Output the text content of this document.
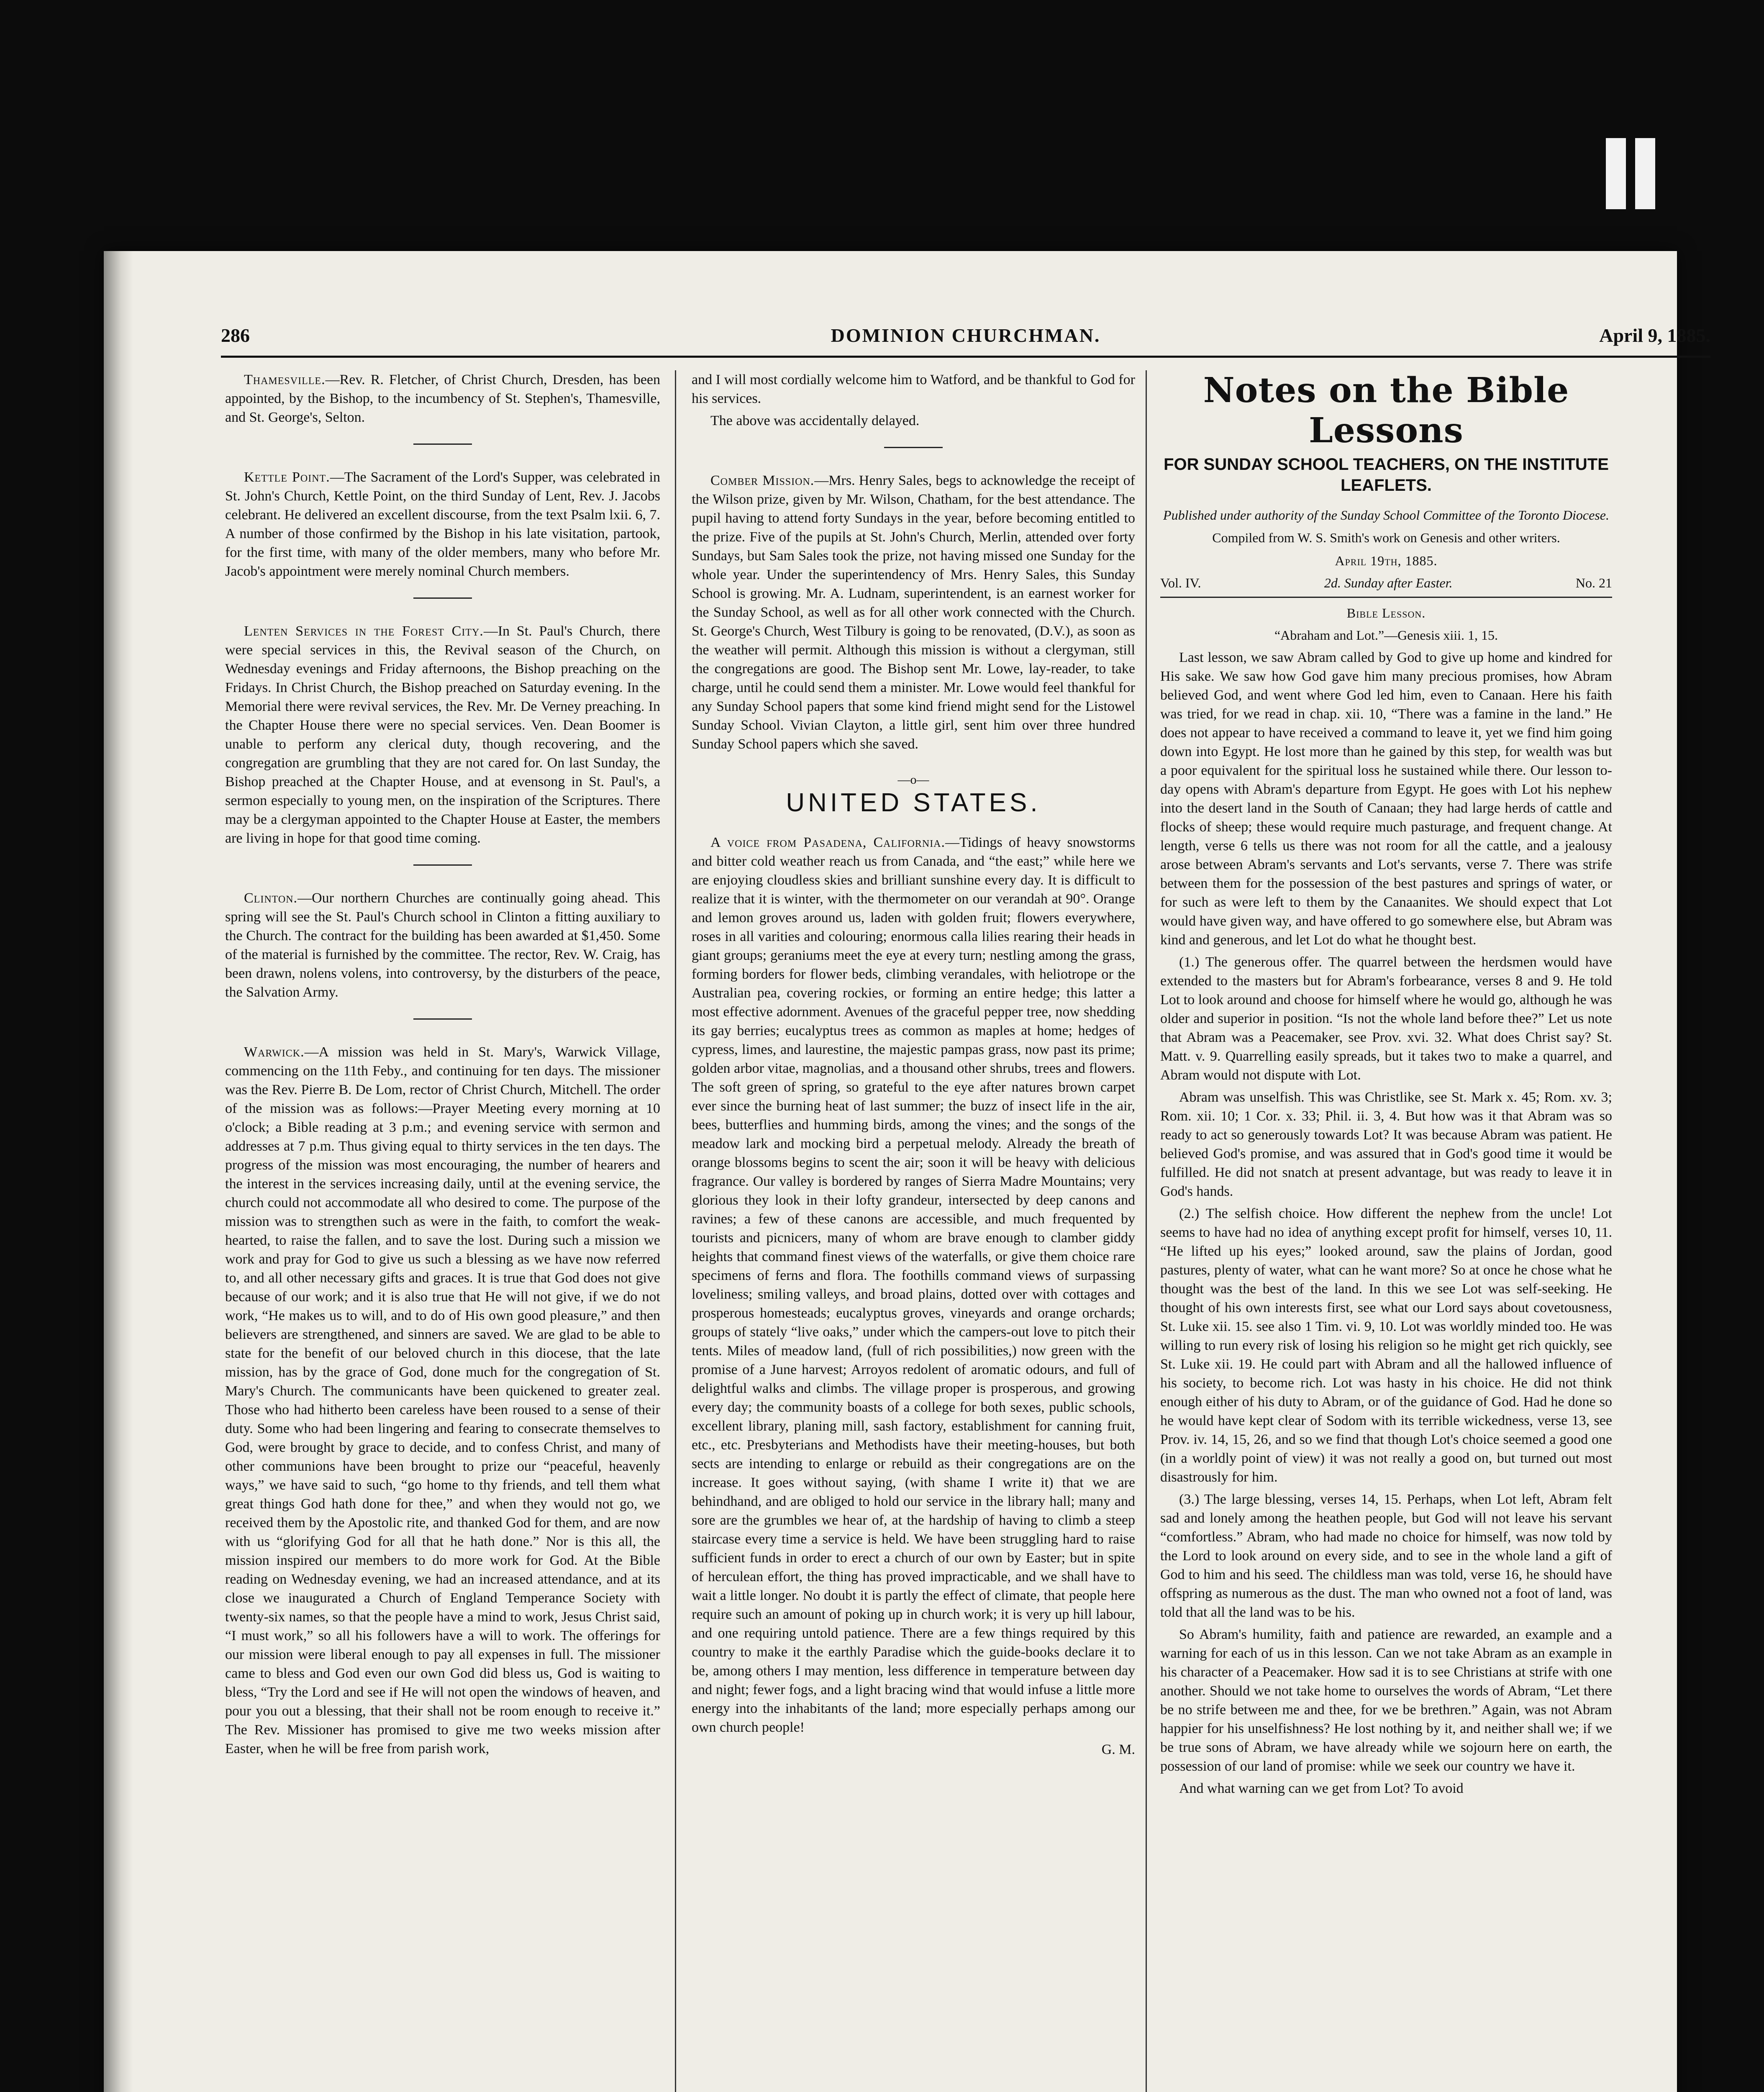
DOMINION CHURCHMAN.
286	April 9, 1885.

Thamesville.—Rev. R. Fletcher, of Christ Church, Dresden, has been appointed, by the Bishop, to the incumbency of St. Stephen's, Thamesville, and St. George's, Selton.

Kettle Point.—The Sacrament of the Lord's Supper, was celebrated in St. John's Church, Kettle Point, on the third Sunday of Lent, Rev. J. Jacobs celebrant. He delivered an excellent discourse, from the text Psalm lxii. 6, 7. A number of those confirmed by the Bishop in his late visitation, partook, for the first time, with many of the older members, many who before Mr. Jacob's appointment were merely nominal Church members.

Lenten Services in the Forest City.—In St. Paul's Church, there were special services in this, the Revival season of the Church, on Wednesday evenings and Friday afternoons, the Bishop preaching on the Fridays. In Christ Church, the Bishop preached on Saturday evening. In the Memorial there were revival services, the Rev. Mr. De Verney preaching. In the Chapter House there were no special services. Ven. Dean Boomer is unable to perform any clerical duty, though recovering, and the congregation are grumbling that they are not cared for. On last Sunday, the Bishop preached at the Chapter House, and at evensong in St. Paul's, a sermon especially to young men, on the inspiration of the Scriptures. There may be a clergyman appointed to the Chapter House at Easter, the members are living in hope for that good time coming.

Clinton.—Our northern Churches are continually going ahead. This spring will see the St. Paul's Church school in Clinton a fitting auxiliary to the Church. The contract for the building has been awarded at $1,450. Some of the material is furnished by the committee. The rector, Rev. W. Craig, has been drawn, nolens volens, into controversy, by the disturbers of the peace, the Salvation Army.

Warwick.—A mission was held in St. Mary's, Warwick Village, commencing on the 11th Feby., and continuing for ten days. The missioner was the Rev. Pierre B. De Lom, rector of Christ Church, Mitchell. The order of the mission was as follows:—Prayer Meeting every morning at 10 o'clock; a Bible reading at 3 p.m.; and evening service with sermon and addresses at 7 p.m. Thus giving equal to thirty services in the ten days. The progress of the mission was most encouraging, the number of hearers and the interest in the services increasing daily, until at the evening service, the church could not accommodate all who desired to come. The purpose of the mission was to strengthen such as were in the faith, to comfort the weak-hearted, to raise the fallen, and to save the lost. During such a mission we work and pray for God to give us such a blessing as we have now referred to, and all other necessary gifts and graces. It is true that God does not give because of our work; and it is also true that He will not give, if we do not work, “He makes us to will, and to do of His own good pleasure,” and then believers are strengthened, and sinners are saved. We are glad to be able to state for the benefit of our beloved church in this diocese, that the late mission, has by the grace of God, done much for the congregation of St. Mary's Church. The communicants have been quickened to greater zeal. Those who had hitherto been careless have been roused to a sense of their duty. Some who had been lingering and fearing to consecrate themselves to God, were brought by grace to decide, and to confess Christ, and many of other communions have been brought to prize our “peaceful, heavenly ways,” we have said to such, “go home to thy friends, and tell them what great things God hath done for thee,” and when they would not go, we received them by the Apostolic rite, and thanked God for them, and are now with us “glorifying God for all that he hath done.” Nor is this all, the mission inspired our members to do more work for God. At the Bible reading on Wednesday evening, we had an increased attendance, and at its close we inaugurated a Church of England Temperance Society with twenty-six names, so that the people have a mind to work, Jesus Christ said, “I must work,” so all his followers have a will to work. The offerings for our mission were liberal enough to pay all expenses in full. The missioner came to bless and God even our own God did bless us, God is waiting to bless, “Try the Lord and see if He will not open the windows of heaven, and pour you out a blessing, that their shall not be room enough to receive it.” The Rev. Missioner has promised to give me two weeks mission after Easter, when he will be free from parish work,

and I will most cordially welcome him to Watford, and be thankful to God for his services.

The above was accidentally delayed.

Comber Mission.—Mrs. Henry Sales, begs to acknowledge the receipt of the Wilson prize, given by Mr. Wilson, Chatham, for the best attendance. The pupil having to attend forty Sundays in the year, before becoming entitled to the prize. Five of the pupils at St. John's Church, Merlin, attended over forty Sundays, but Sam Sales took the prize, not having missed one Sunday for the whole year. Under the superintendency of Mrs. Henry Sales, this Sunday School is growing. Mr. A. Ludnam, superintendent, is an earnest worker for the Sunday School, as well as for all other work connected with the Church. St. George's Church, West Tilbury is going to be renovated, (D.V.), as soon as the weather will permit. Although this mission is without a clergyman, still the congregations are good. The Bishop sent Mr. Lowe, lay-reader, to take charge, until he could send them a minister. Mr. Lowe would feel thankful for any Sunday School papers that some kind friend might send for the Listowel Sunday School. Vivian Clayton, a little girl, sent him over three hundred Sunday School papers which she saved.

—o—
UNITED STATES.

A voice from Pasadena, California.—Tidings of heavy snowstorms and bitter cold weather reach us from Canada, and “the east;” while here we are enjoying cloudless skies and brilliant sunshine every day. It is difficult to realize that it is winter, with the thermometer on our verandah at 90°. Orange and lemon groves around us, laden with golden fruit; flowers everywhere, roses in all varities and colouring; enormous calla lilies rearing their heads in giant groups; geraniums meet the eye at every turn; nestling among the grass, forming borders for flower beds, climbing verandales, with heliotrope or the Australian pea, covering rockies, or forming an entire hedge; this latter a most effective adornment. Avenues of the graceful pepper tree, now shedding its gay berries; eucalyptus trees as common as maples at home; hedges of cypress, limes, and laurestine, the majestic pampas grass, now past its prime; golden arbor vitae, magnolias, and a thousand other shrubs, trees and flowers. The soft green of spring, so grateful to the eye after natures brown carpet ever since the burning heat of last summer; the buzz of insect life in the air, bees, butterflies and humming birds, among the vines; and the songs of the meadow lark and mocking bird a perpetual melody. Already the breath of orange blossoms begins to scent the air; soon it will be heavy with delicious fragrance. Our valley is bordered by ranges of Sierra Madre Mountains; very glorious they look in their lofty grandeur, intersected by deep canons and ravines; a few of these canons are accessible, and much frequented by tourists and picnicers, many of whom are brave enough to clamber giddy heights that command finest views of the waterfalls, or give them choice rare specimens of ferns and flora. The foothills command views of surpassing loveliness; smiling valleys, and broad plains, dotted over with cottages and prosperous homesteads; eucalyptus groves, vineyards and orange orchards; groups of stately “live oaks,” under which the campers-out love to pitch their tents. Miles of meadow land, (full of rich possibilities,) now green with the promise of a June harvest; Arroyos redolent of aromatic odours, and full of delightful walks and climbs. The village proper is prosperous, and growing every day; the community boasts of a college for both sexes, public schools, excellent library, planing mill, sash factory, establishment for canning fruit, etc., etc. Presbyterians and Methodists have their meeting-houses, but both sects are intending to enlarge or rebuild as their congregations are on the increase. It goes without saying, (with shame I write it) that we are behindhand, and are obliged to hold our service in the library hall; many and sore are the grumbles we hear of, at the hardship of having to climb a steep staircase every time a service is held. We have been struggling hard to raise sufficient funds in order to erect a church of our own by Easter; but in spite of herculean effort, the thing has proved impracticable, and we shall have to wait a little longer. No doubt it is partly the effect of climate, that people here require such an amount of poking up in church work; it is very up hill labour, and one requiring untold patience. There are a few things required by this country to make it the earthly Paradise which the guide-books declare it to be, among others I may mention, less difference in temperature between day and night; fewer fogs, and a light bracing wind that would infuse a little more energy into the inhabitants of the land; more especially perhaps among our own church people!

G. M.
Notes on the Bible Lessons
FOR SUNDAY SCHOOL TEACHERS, ON THE INSTITUTE LEAFLETS.
Published under authority of the Sunday School Committee of the Toronto Diocese.
Compiled from W. S. Smith's work on Genesis and other writers.
April 19th, 1885.
Vol. IV.	2d. Sunday after Easter.	No. 21
Bible Lesson.
“Abraham and Lot.”—Genesis xiii. 1, 15.

Last lesson, we saw Abram called by God to give up home and kindred for His sake. We saw how God gave him many precious promises, how Abram believed God, and went where God led him, even to Canaan. Here his faith was tried, for we read in chap. xii. 10, “There was a famine in the land.” He does not appear to have received a command to leave it, yet we find him going down into Egypt. He lost more than he gained by this step, for wealth was but a poor equivalent for the spiritual loss he sustained while there. Our lesson to-day opens with Abram's departure from Egypt. He goes with Lot his nephew into the desert land in the South of Canaan; they had large herds of cattle and flocks of sheep; these would require much pasturage, and frequent change. At length, verse 6 tells us there was not room for all the cattle, and a jealousy arose between Abram's servants and Lot's servants, verse 7. There was strife between them for the possession of the best pastures and springs of water, or for such as were left to them by the Canaanites. We should expect that Lot would have given way, and have offered to go somewhere else, but Abram was kind and generous, and let Lot do what he thought best.

(1.) The generous offer. The quarrel between the herdsmen would have extended to the masters but for Abram's forbearance, verses 8 and 9. He told Lot to look around and choose for himself where he would go, although he was older and superior in position. “Is not the whole land before thee?” Let us note that Abram was a Peacemaker, see Prov. xvi. 32. What does Christ say? St. Matt. v. 9. Quarrelling easily spreads, but it takes two to make a quarrel, and Abram would not dispute with Lot.

Abram was unselfish. This was Christlike, see St. Mark x. 45; Rom. xv. 3; Rom. xii. 10; 1 Cor. x. 33; Phil. ii. 3, 4. But how was it that Abram was so ready to act so generously towards Lot? It was because Abram was patient. He believed God's promise, and was assured that in God's good time it would be fulfilled. He did not snatch at present advantage, but was ready to leave it in God's hands.

(2.) The selfish choice. How different the nephew from the uncle! Lot seems to have had no idea of anything except profit for himself, verses 10, 11. “He lifted up his eyes;” looked around, saw the plains of Jordan, good pastures, plenty of water, what can he want more? So at once he chose what he thought was the best of the land. In this we see Lot was self-seeking. He thought of his own interests first, see what our Lord says about covetousness, St. Luke xii. 15. see also 1 Tim. vi. 9, 10. Lot was worldly minded too. He was willing to run every risk of losing his religion so he might get rich quickly, see St. Luke xii. 19. He could part with Abram and all the hallowed influence of his society, to become rich. Lot was hasty in his choice. He did not think enough either of his duty to Abram, or of the guidance of God. Had he done so he would have kept clear of Sodom with its terrible wickedness, verse 13, see Prov. iv. 14, 15, 26, and so we find that though Lot's choice seemed a good one (in a worldly point of view) it was not really a good on, but turned out most disastrously for him.

(3.) The large blessing, verses 14, 15. Perhaps, when Lot left, Abram felt sad and lonely among the heathen people, but God will not leave his servant “comfortless.” Abram, who had made no choice for himself, was now told by the Lord to look around on every side, and to see in the whole land a gift of God to him and his seed. The childless man was told, verse 16, he should have offspring as numerous as the dust. The man who owned not a foot of land, was told that all the land was to be his.

So Abram's humility, faith and patience are rewarded, an example and a warning for each of us in this lesson. Can we not take Abram as an example in his character of a Peacemaker. How sad it is to see Christians at strife with one another. Should we not take home to ourselves the words of Abram, “Let there be no strife between me and thee, for we be brethren.” Again, was not Abram happier for his unselfishness? He lost nothing by it, and neither shall we; if we be true sons of Abram, we have already while we sojourn here on earth, the possession of our land of promise: while we seek our country we have it.

And what warning can we get from Lot? To avoid
